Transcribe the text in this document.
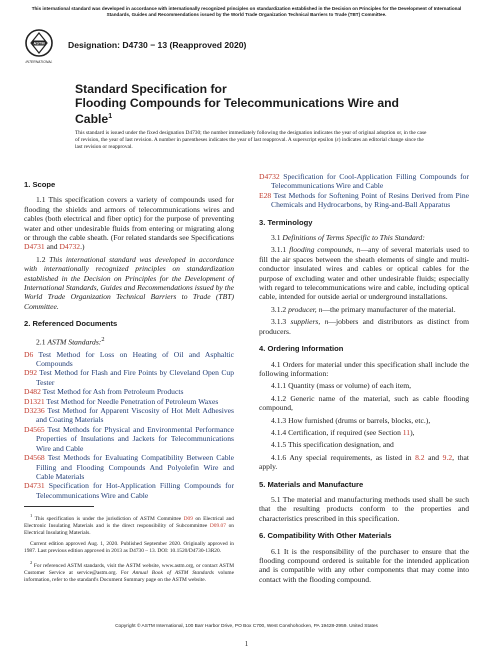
This international standard was developed in accordance with internationally recognized principles on standardization established in the Decision on Principles for the Development of International Standards, Guides and Recommendations issued by the World Trade Organization Technical Barriers to Trade (TBT) Committee.
ASTM
INTERNATIONAL
Designation: D4730 − 13 (Reapproved 2020)
Standard Specification for
Flooding Compounds for Telecommunications Wire and
Cable$^1$
This standard is issued under the fixed designation D4730; the number immediately following the designation indicates the year of original adoption or, in the case of revision, the year of last revision. A number in parentheses indicates the year of last reapproval. A superscript epsilon (ε) indicates an editorial change since the last revision or reapproval.
1. Scope

1.1 This specification covers a variety of compounds used for flooding the shields and armors of telecommunications wires and cables (both electrical and fiber optic) for the purpose of preventing water and other undesirable fluids from entering or migrating along or through the cable sheath. (For related standards see Specifications D4731 and D4732.)

1.2 This international standard was developed in accordance with internationally recognized principles on standardization established in the Decision on Principles for the Development of International Standards, Guides and Recommendations issued by the World Trade Organization Technical Barriers to Trade (TBT) Committee.

2. Referenced Documents

2.1 ASTM Standards:$^2$

D6 Test Method for Loss on Heating of Oil and Asphaltic Compounds

D92 Test Method for Flash and Fire Points by Cleveland Open Cup Tester

D482 Test Method for Ash from Petroleum Products

D1321 Test Method for Needle Penetration of Petroleum Waxes

D3236 Test Method for Apparent Viscosity of Hot Melt Adhesives and Coating Materials

D4565 Test Methods for Physical and Environmental Performance Properties of Insulations and Jackets for Telecommunications Wire and Cable

D4568 Test Methods for Evaluating Compatibility Between Cable Filling and Flooding Compounds And Polyolefin Wire and Cable Materials

D4731 Specification for Hot-Application Filling Compounds for Telecommunications Wire and Cable

D4732 Specification for Cool-Application Filling Compounds for Telecommunications Wire and Cable

E28 Test Methods for Softening Point of Resins Derived from Pine Chemicals and Hydrocarbons, by Ring-and-Ball Apparatus

3. Terminology

3.1 Definitions of Terms Specific to This Standard:

3.1.1 flooding compounds, n—any of several materials used to fill the air spaces between the sheath elements of single and multi-conductor insulated wires and cables or optical cables for the purpose of excluding water and other undesirable fluids; especially with regard to telecommunications wire and cable, including optical cable, intended for outside aerial or underground installations.

3.1.2 producer, n—the primary manufacturer of the material.

3.1.3 suppliers, n—jobbers and distributors as distinct from producers.

4. Ordering Information

4.1 Orders for material under this specification shall include the following information:

4.1.1 Quantity (mass or volume) of each item,

4.1.2 Generic name of the material, such as cable flooding compound,

4.1.3 How furnished (drums or barrels, blocks, etc.),

4.1.4 Certification, if required (see Section 11),

4.1.5 This specification designation, and

4.1.6 Any special requirements, as listed in 8.2 and 9.2, that apply.

5. Materials and Manufacture

5.1 The material and manufacturing methods used shall be such that the resulting products conform to the properties and characteristics prescribed in this specification.

6. Compatibility With Other Materials

6.1 It is the responsibility of the purchaser to ensure that the flooding compound ordered is suitable for the intended application and is compatible with any other components that may come into contact with the flooding compound.

$^1$ This specification is under the jurisdiction of ASTM Committee D09 on Electrical and Electronic Insulating Materials and is the direct responsibility of Subcommittee D09.07 on Electrical Insulating Materials.

Current edition approved Aug. 1, 2020. Published September 2020. Originally approved in 1987. Last previous edition approved in 2013 as D4730 – 13. DOI: 10.1520/D4730-13R20.

$^2$ For referenced ASTM standards, visit the ASTM website, www.astm.org, or contact ASTM Customer Service at service@astm.org. For Annual Book of ASTM Standards volume information, refer to the standard's Document Summary page on the ASTM website.

Copyright © ASTM International, 100 Barr Harbor Drive, PO Box C700, West Conshohocken, PA 19428-2959. United States
1
